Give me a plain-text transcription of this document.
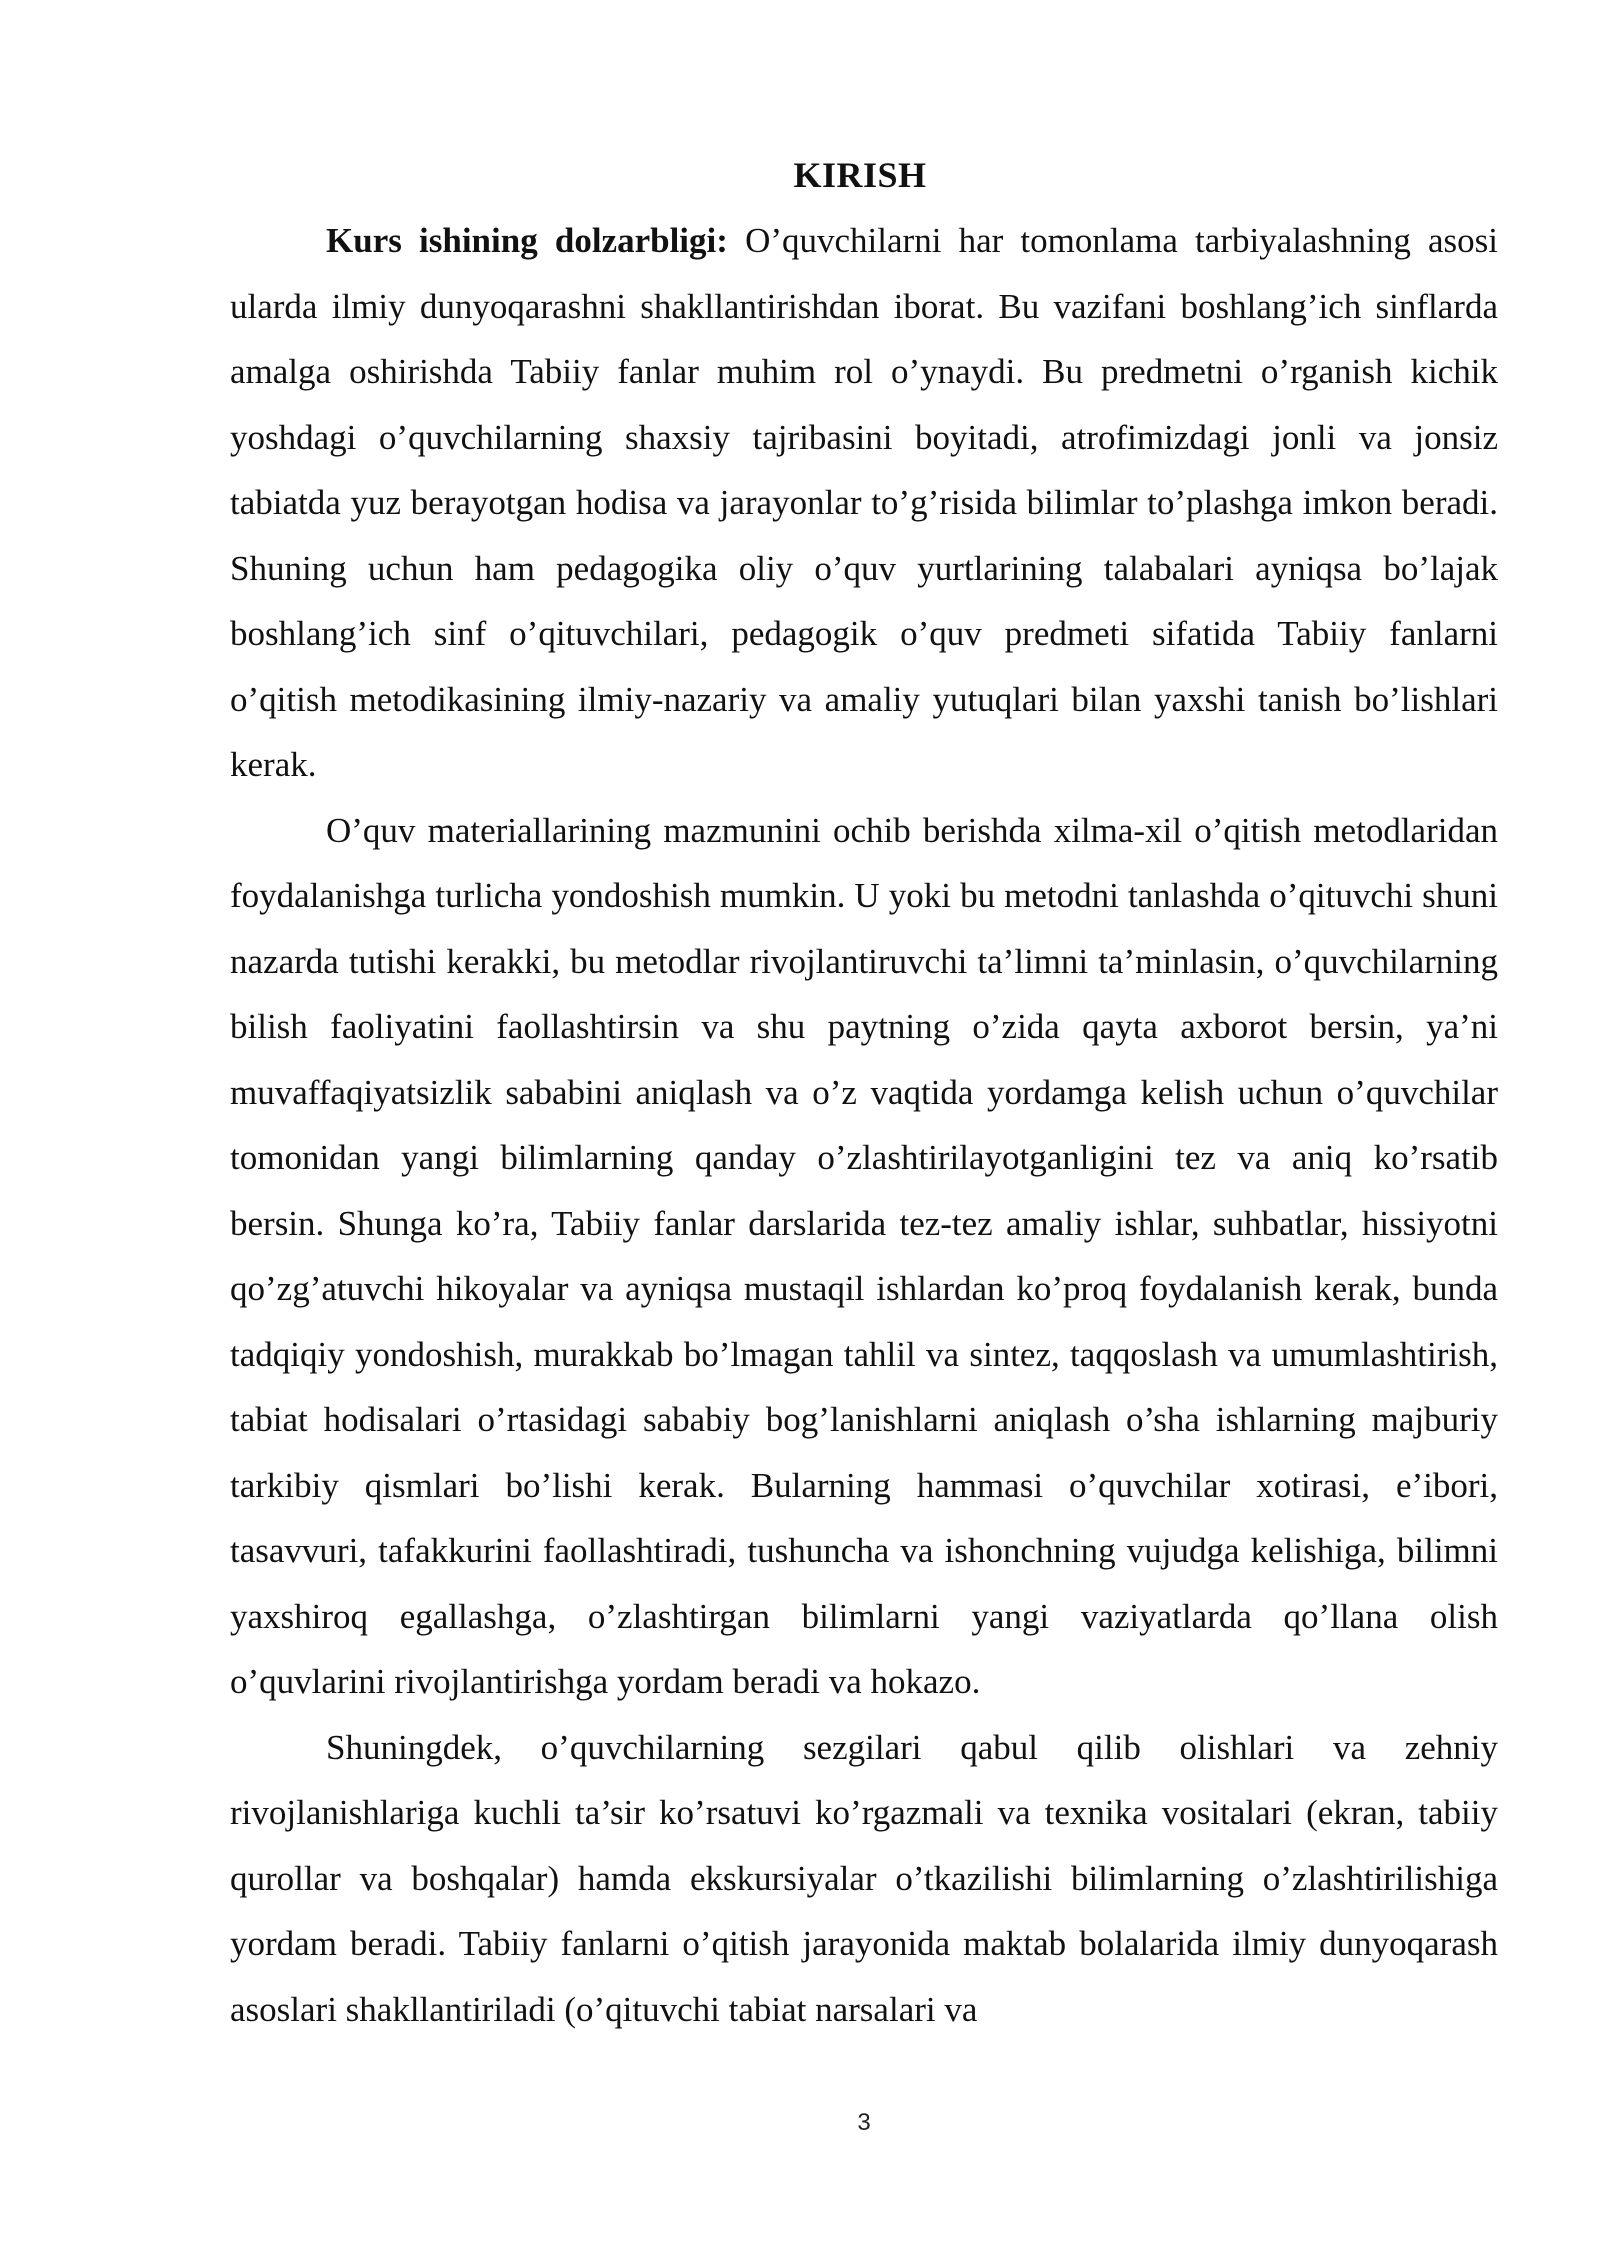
KIRISH

Kurs ishining dolzarbligi: O’quvchilarni har tomonlama tarbiyalashning asosi ularda ilmiy dunyoqarashni shakllantirishdan iborat. Bu vazifani boshlang’ich sinflarda amalga oshirishda Tabiiy fanlar muhim rol o’ynaydi. Bu predmetni o’rganish kichik yoshdagi o’quvchilarning shaxsiy tajribasini boyitadi, atrofimizdagi jonli va jonsiz tabiatda yuz berayotgan hodisa va jarayonlar to’g’risida bilimlar to’plashga imkon beradi. Shuning uchun ham pedagogika oliy o’quv yurtlarining talabalari ayniqsa bo’lajak boshlang’ich sinf o’qituvchilari, pedagogik o’quv predmeti sifatida Tabiiy fanlarni o’qitish metodikasining ilmiy-nazariy va amaliy yutuqlari bilan yaxshi tanish bo’lishlari kerak.

O’quv materiallarining mazmunini ochib berishda xilma-xil o’qitish metodlaridan foydalanishga turlicha yondoshish mumkin. U yoki bu metodni tanlashda o’qituvchi shuni nazarda tutishi kerakki, bu metodlar rivojlantiruvchi ta’limni ta’minlasin, o’quvchilarning bilish faoliyatini faollashtirsin va shu paytning o’zida qayta axborot bersin, ya’ni muvaffaqiyatsizlik sababini aniqlash va o’z vaqtida yordamga kelish uchun o’quvchilar tomonidan yangi bilimlarning qanday o’zlashtirilayotganligini tez va aniq ko’rsatib bersin. Shunga ko’ra, Tabiiy fanlar darslarida tez-tez amaliy ishlar, suhbatlar, hissiyotni qo’zg’atuvchi hikoyalar va ayniqsa mustaqil ishlardan ko’proq foydalanish kerak, bunda tadqiqiy yondoshish, murakkab bo’lmagan tahlil va sintez, taqqoslash va umumlashtirish, tabiat hodisalari o’rtasidagi sababiy bog’lanishlarni aniqlash o’sha ishlarning majburiy tarkibiy qismlari bo’lishi kerak. Bularning hammasi o’quvchilar xotirasi, e’ibori, tasavvuri, tafakkurini faollashtiradi, tushuncha va ishonchning vujudga kelishiga, bilimni yaxshiroq egallashga, o’zlashtirgan bilimlarni yangi vaziyatlarda qo’llana olish o’quvlarini rivojlantirishga yordam beradi va hokazo.

Shuningdek, o’quvchilarning sezgilari qabul qilib olishlari va zehniy rivojlanishlariga kuchli ta’sir ko’rsatuvi ko’rgazmali va texnika vositalari (ekran, tabiiy qurollar va boshqalar) hamda ekskursiyalar o’tkazilishi bilimlarning o’zlashtirilishiga yordam beradi. Tabiiy fanlarni o’qitish jarayonida maktab bolalarida ilmiy dunyoqarash asoslari shakllantiriladi (o’qituvchi tabiat narsalari va

3
